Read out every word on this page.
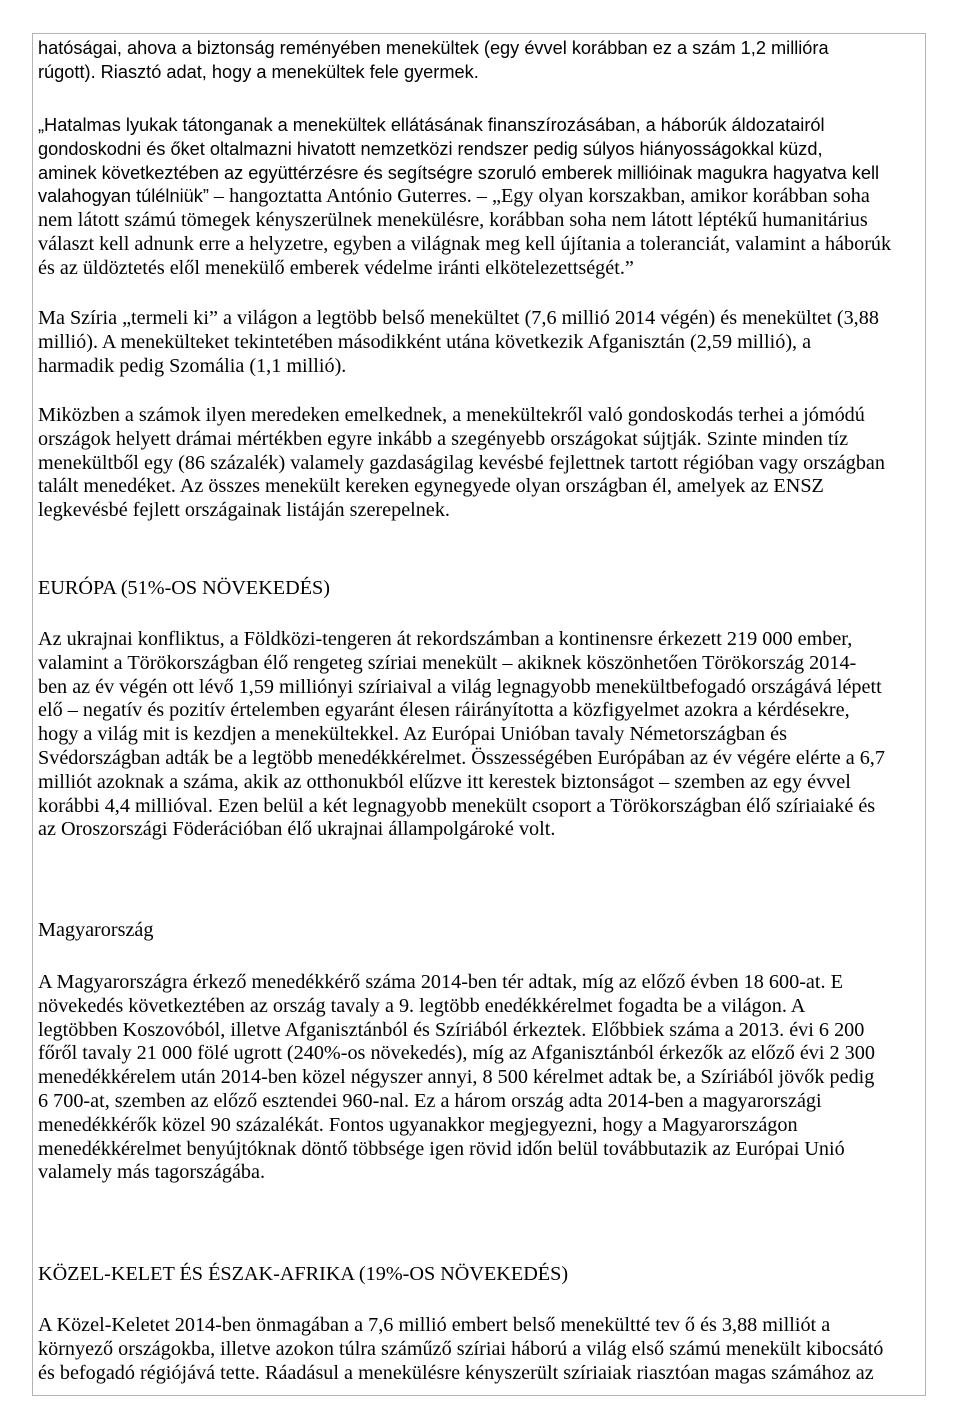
hatóságai, ahova a biztonság reményében menekültek (egy évvel korábban ez a szám 1,2 millióra
rúgott). Riasztó adat, hogy a menekültek fele gyermek.
„Hatalmas lyukak tátonganak a menekültek ellátásának finanszírozásában, a háborúk áldozatairól
gondoskodni és őket oltalmazni hivatott nemzetközi rendszer pedig súlyos hiányosságokkal küzd,
aminek következtében az együttérzésre és segítségre szoruló emberek millióinak magukra hagyatva kell
valahogyan túlélniük” – hangoztatta António Guterres. – „Egy olyan korszakban, amikor korábban soha
nem látott számú tömegek kényszerülnek menekülésre, korábban soha nem látott léptékű humanitárius
választ kell adnunk erre a helyzetre, egyben a világnak meg kell újítania a toleranciát, valamint a háborúk
és az üldöztetés elől menekülő emberek védelme iránti elkötelezettségét.”
Ma Szíria „termeli ki” a világon a legtöbb belső menekültet (7,6 millió 2014 végén) és menekültet (3,88
millió). A menekülteket tekintetében másodikként utána következik Afganisztán (2,59 millió), a
harmadik pedig Szomália (1,1 millió).
Miközben a számok ilyen meredeken emelkednek, a menekültekről való gondoskodás terhei a jómódú
országok helyett drámai mértékben egyre inkább a szegényebb országokat sújtják. Szinte minden tíz
menekültből egy (86 százalék) valamely gazdaságilag kevésbé fejlettnek tartott régióban vagy országban
talált menedéket. Az összes menekült kereken egynegyede olyan országban él, amelyek az ENSZ
legkevésbé fejlett országainak listáján szerepelnek.
EURÓPA (51%-OS NÖVEKEDÉS)
Az ukrajnai konfliktus, a Földközi-tengeren át rekordszámban a kontinensre érkezett 219 000 ember,
valamint a Törökországban élő rengeteg szíriai menekült – akiknek köszönhetően Törökország 2014-
ben az év végén ott lévő 1,59 milliónyi szíriaival a világ legnagyobb menekültbefogadó országává lépett
elő – negatív és pozitív értelemben egyaránt élesen ráirányította a közfigyelmet azokra a kérdésekre,
hogy a világ mit is kezdjen a menekültekkel. Az Európai Unióban tavaly Németországban és
Svédországban adták be a legtöbb menedékkérelmet. Összességében Európában az év végére elérte a 6,7
milliót azoknak a száma, akik az otthonukból elűzve itt kerestek biztonságot – szemben az egy évvel
korábbi 4,4 millióval. Ezen belül a két legnagyobb menekült csoport a Törökországban élő szíriaiaké és
az Oroszországi Föderációban élő ukrajnai állampolgároké volt.
Magyarország
A Magyarországra érkező menedékkérő száma 2014-ben tér adtak, míg az előző évben 18 600-at. E
növekedés következtében az ország tavaly a 9. legtöbb enedékkérelmet fogadta be a világon. A
legtöbben Koszovóból, illetve Afganisztánból és Szíriából érkeztek. Előbbiek száma a 2013. évi 6 200
főről tavaly 21 000 fölé ugrott (240%-os növekedés), míg az Afganisztánból érkezők az előző évi 2 300
menedékkérelem után 2014-ben közel négyszer annyi, 8 500 kérelmet adtak be, a Szíriából jövők pedig
6 700-at, szemben az előző esztendei 960-nal. Ez a három ország adta 2014-ben a magyarországi
menedékkérők közel 90 százalékát. Fontos ugyanakkor megjegyezni, hogy a Magyarországon
menedékkérelmet benyújtóknak döntő többsége igen rövid időn belül továbbutazik az Európai Unió
valamely más tagországába.
KÖZEL-KELET ÉS ÉSZAK-AFRIKA (19%-OS NÖVEKEDÉS)
A Közel-Keletet 2014-ben önmagában a 7,6 millió embert belső menekültté tev ő és 3,88 milliót a
környező országokba, illetve azokon túlra száműző szíriai háború a világ első számú menekült kibocsátó
és befogadó régiójává tette. Ráadásul a menekülésre kényszerült szíriaiak riasztóan magas számához az
